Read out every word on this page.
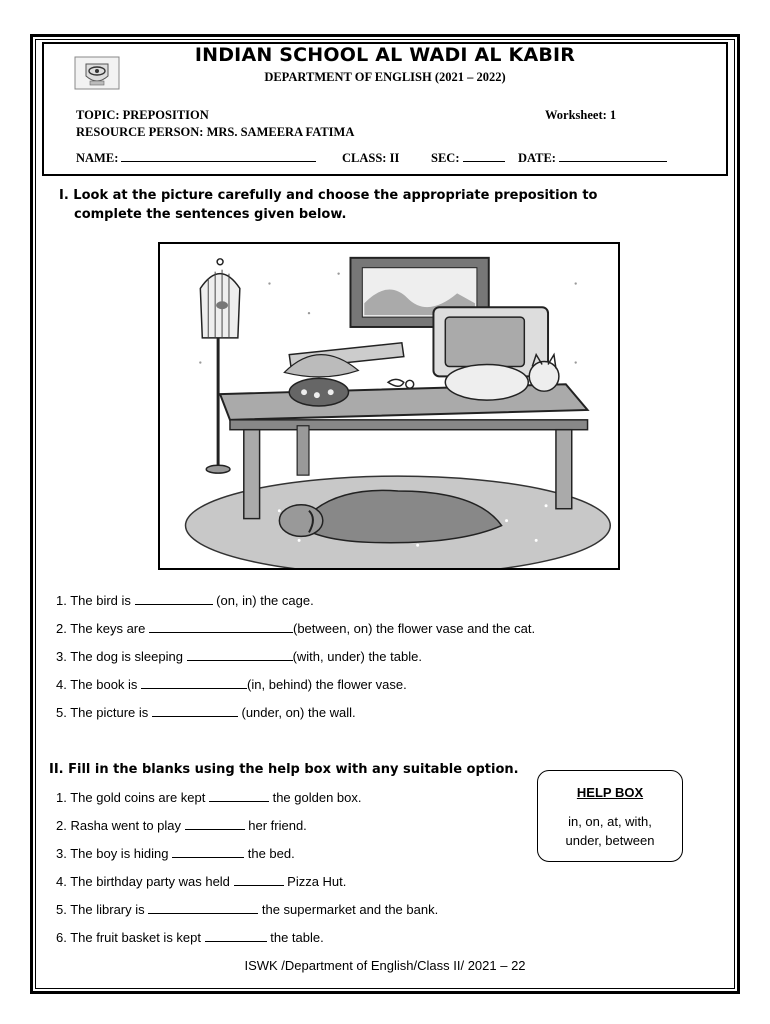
INDIAN SCHOOL AL WADI AL KABIR
DEPARTMENT OF ENGLISH (2021 – 2022)
TOPIC: PREPOSITION	Worksheet: 1
RESOURCE PERSON: MRS. SAMEERA FATIMA
NAME:	CLASS: II	SEC:	DATE:
I. Look at the picture carefully and choose the appropriate preposition to
complete the sentences given below.
1. The bird is	(on, in) the cage.
2. The keys are	(between, on) the flower vase and the cat.
3. The dog is sleeping	(with, under) the table.
4. The book is	(in, behind) the flower vase.
5. The picture is	(under, on) the wall.
II. Fill in the blanks using the help box with any suitable option.
1. The gold coins are kept	the golden box.
2. Rasha went to play	her friend.
3. The boy is hiding	the bed.
4. The birthday party was held	Pizza Hut.
5. The library is	the supermarket and the bank.
6. The fruit basket is kept	the table.
HELP BOX
in, on, at, with,
under, between
ISWK /Department of English/Class II/ 2021 – 22
